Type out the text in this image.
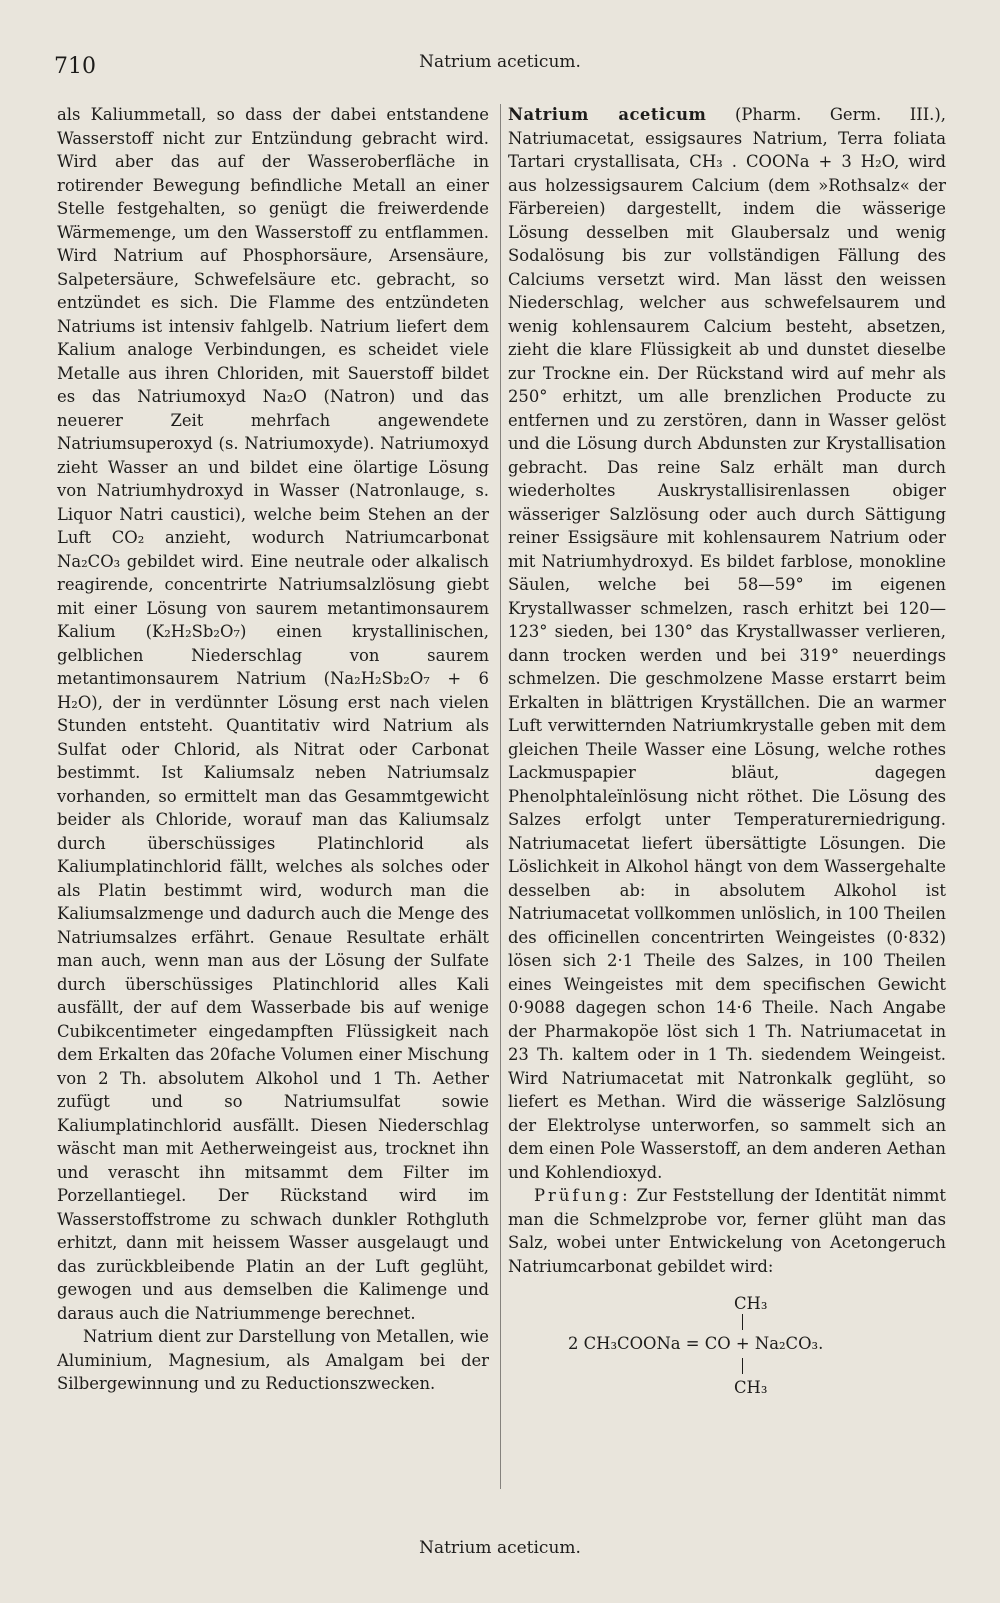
710	Natrium aceticum.

als Kaliummetall, so dass der dabei entstandene Wasserstoff nicht zur Entzündung gebracht wird. Wird aber das auf der Wasseroberfläche in rotirender Bewegung befindliche Metall an einer Stelle festgehalten, so genügt die freiwerdende Wärmemenge, um den Wasserstoff zu entflammen. Wird Natrium auf Phosphorsäure, Arsensäure, Salpetersäure, Schwefelsäure etc. gebracht, so entzündet es sich. Die Flamme des entzündeten Natriums ist intensiv fahlgelb. Natrium liefert dem Kalium analoge Verbindungen, es scheidet viele Metalle aus ihren Chloriden, mit Sauerstoff bildet es das Natriumoxyd Na₂O (Natron) und das neuerer Zeit mehrfach angewendete Natriumsuperoxyd (s. Natriumoxyde). Natriumoxyd zieht Wasser an und bildet eine ölartige Lösung von Natriumhydroxyd in Wasser (Natronlauge, s. Liquor Natri caustici), welche beim Stehen an der Luft CO₂ anzieht, wodurch Natriumcarbonat Na₂CO₃ gebildet wird. Eine neutrale oder alkalisch reagirende, concentrirte Natriumsalzlösung giebt mit einer Lösung von saurem metantimonsaurem Kalium (K₂H₂Sb₂O₇) einen krystallinischen, gelblichen Niederschlag von saurem metantimonsaurem Natrium (Na₂H₂Sb₂O₇ + 6 H₂O), der in verdünnter Lösung erst nach vielen Stunden entsteht. Quantitativ wird Natrium als Sulfat oder Chlorid, als Nitrat oder Carbonat bestimmt. Ist Kaliumsalz neben Natriumsalz vorhanden, so ermittelt man das Gesammtgewicht beider als Chloride, worauf man das Kaliumsalz durch überschüssiges Platinchlorid als Kaliumplatinchlorid fällt, welches als solches oder als Platin bestimmt wird, wodurch man die Kaliumsalzmenge und dadurch auch die Menge des Natriumsalzes erfährt. Genaue Resultate erhält man auch, wenn man aus der Lösung der Sulfate durch überschüssiges Platinchlorid alles Kali ausfällt, der auf dem Wasserbade bis auf wenige Cubikcentimeter eingedampften Flüssigkeit nach dem Erkalten das 20fache Volumen einer Mischung von 2 Th. absolutem Alkohol und 1 Th. Aether zufügt und so Natriumsulfat sowie Kaliumplatinchlorid ausfällt. Diesen Niederschlag wäscht man mit Aetherweingeist aus, trocknet ihn und verascht ihn mitsammt dem Filter im Porzellantiegel. Der Rückstand wird im Wasserstoffstrome zu schwach dunkler Rothgluth erhitzt, dann mit heissem Wasser ausgelaugt und das zurückbleibende Platin an der Luft geglüht, gewogen und aus demselben die Kalimenge und daraus auch die Natriummenge berechnet.

Natrium dient zur Darstellung von Metallen, wie Aluminium, Magnesium, als Amalgam bei der Silbergewinnung und zu Reductionszwecken.

Natrium aceticum (Pharm. Germ. III.), Natriumacetat, essigsaures Natrium, Terra foliata Tartari crystallisata, CH₃ . COONa + 3 H₂O, wird aus holzessigsaurem Calcium (dem »Rothsalz« der Färbereien) dargestellt, indem die wässerige Lösung desselben mit Glaubersalz und wenig Sodalösung bis zur vollständigen Fällung des Calciums versetzt wird. Man lässt den weissen Niederschlag, welcher aus schwefelsaurem und wenig kohlensaurem Calcium besteht, absetzen, zieht die klare Flüssigkeit ab und dunstet dieselbe zur Trockne ein. Der Rückstand wird auf mehr als 250° erhitzt, um alle brenzlichen Producte zu entfernen und zu zerstören, dann in Wasser gelöst und die Lösung durch Abdunsten zur Krystallisation gebracht. Das reine Salz erhält man durch wiederholtes Auskrystallisirenlassen obiger wässeriger Salzlösung oder auch durch Sättigung reiner Essigsäure mit kohlensaurem Natrium oder mit Natriumhydroxyd. Es bildet farblose, monokline Säulen, welche bei 58—59° im eigenen Krystallwasser schmelzen, rasch erhitzt bei 120—123° sieden, bei 130° das Krystallwasser verlieren, dann trocken werden und bei 319° neuerdings schmelzen. Die geschmolzene Masse erstarrt beim Erkalten in blättrigen Kryställchen. Die an warmer Luft verwitternden Natriumkrystalle geben mit dem gleichen Theile Wasser eine Lösung, welche rothes Lackmuspapier bläut, dagegen Phenolphtaleïnlösung nicht röthet. Die Lösung des Salzes erfolgt unter Temperaturerniedrigung. Natriumacetat liefert übersättigte Lösungen. Die Löslichkeit in Alkohol hängt von dem Wassergehalte desselben ab: in absolutem Alkohol ist Natriumacetat vollkommen unlöslich, in 100 Theilen des officinellen concentrirten Weingeistes (0·832) lösen sich 2·1 Theile des Salzes, in 100 Theilen eines Weingeistes mit dem specifischen Gewicht 0·9088 dagegen schon 14·6 Theile. Nach Angabe der Pharmakopöe löst sich 1 Th. Natriumacetat in 23 Th. kaltem oder in 1 Th. siedendem Weingeist. Wird Natriumacetat mit Natronkalk geglüht, so liefert es Methan. Wird die wässerige Salzlösung der Elektrolyse unterworfen, so sammelt sich an dem einen Pole Wasserstoff, an dem anderen Aethan und Kohlendioxyd.

Prüfung: Zur Feststellung der Identität nimmt man die Schmelzprobe vor, ferner glüht man das Salz, wobei unter Entwickelung von Acetongeruch Natriumcarbonat gebildet wird:

CH₃
2 CH₃COONa = CO + Na₂CO₃.
CH₃
Natrium aceticum.
